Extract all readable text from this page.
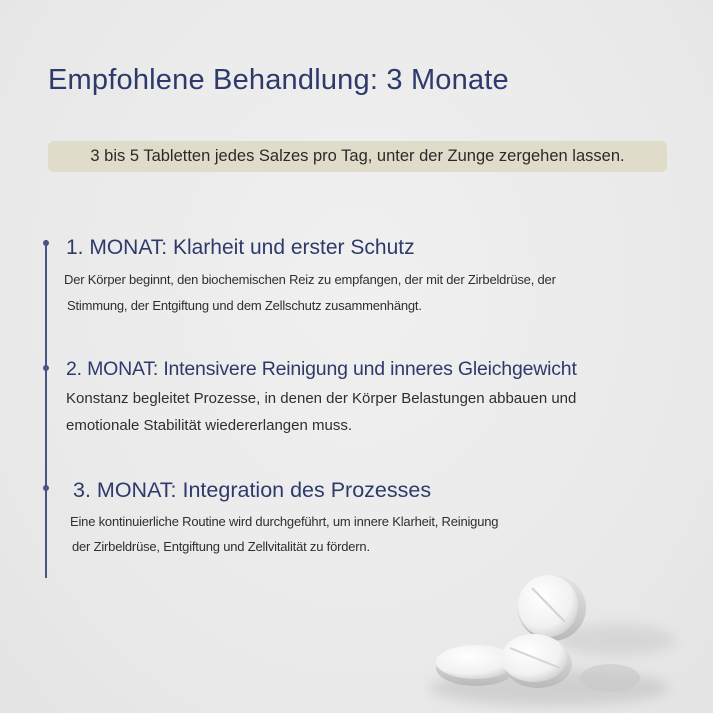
Empfohlene Behandlung: 3 Monate
3 bis 5 Tabletten jedes Salzes pro Tag, unter der Zunge zergehen lassen.
1. MONAT: Klarheit und erster Schutz
Der Körper beginnt, den biochemischen Reiz zu empfangen, der mit der Zirbeldrüse, der
Stimmung, der Entgiftung und dem Zellschutz zusammenhängt.
2. MONAT: Intensivere Reinigung und inneres Gleichgewicht
Konstanz begleitet Prozesse, in denen der Körper Belastungen abbauen und
emotionale Stabilität wiedererlangen muss.
3. MONAT: Integration des Prozesses
Eine kontinuierliche Routine wird durchgeführt, um innere Klarheit, Reinigung
der Zirbeldrüse, Entgiftung und Zellvitalität zu fördern.
